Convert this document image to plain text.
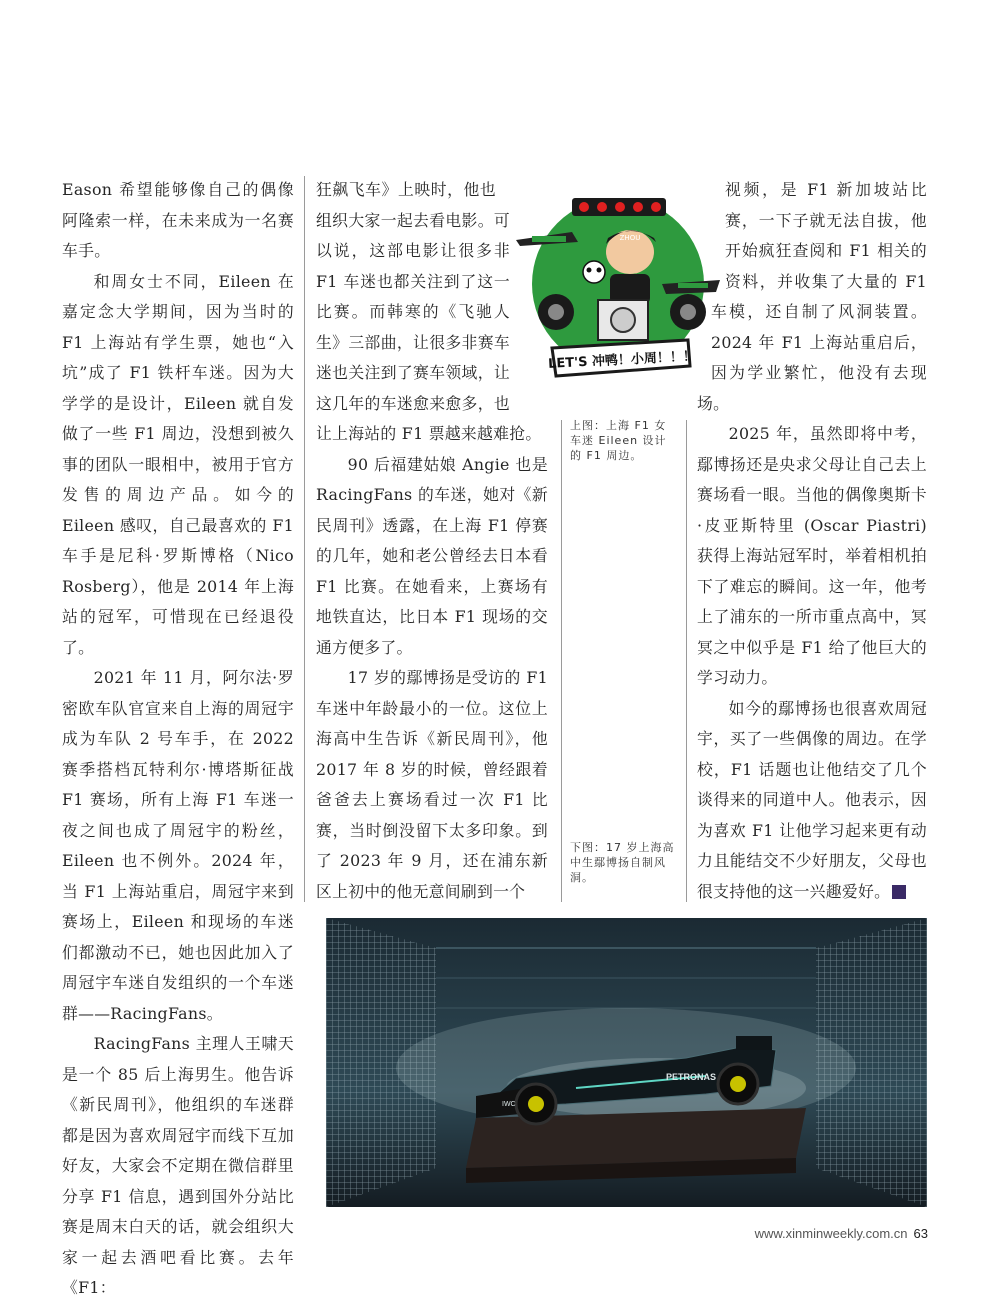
Eason 希望能够像自己的偶像阿隆索一样，在未来成为一名赛车手。

和周女士不同，Eileen 在嘉定念大学期间，因为当时的 F1 上海站有学生票，她也“入坑”成了 F1 铁杆车迷。因为大学学的是设计，Eileen 就自发做了一些 F1 周边，没想到被久事的团队一眼相中，被用于官方发售的周边产品。如今的 Eileen 感叹，自己最喜欢的 F1 车手是尼科·罗斯博格（Nico Rosberg），他是 2014 年上海站的冠军，可惜现在已经退役了。

2021 年 11 月，阿尔法·罗密欧车队官宣来自上海的周冠宇成为车队 2 号车手，在 2022 赛季搭档瓦特利尔·博塔斯征战 F1 赛场，所有上海 F1 车迷一夜之间也成了周冠宇的粉丝，Eileen 也不例外。2024 年，当 F1 上海站重启，周冠宇来到赛场上，Eileen 和现场的车迷们都激动不已，她也因此加入了周冠宇车迷自发组织的一个车迷群——RacingFans。

RacingFans 主理人王啸天是一个 85 后上海男生。他告诉《新民周刊》，他组织的车迷群都是因为喜欢周冠宇而线下互加好友，大家会不定期在微信群里分享 F1 信息，遇到国外分站比赛是周末白天的话，就会组织大家一起去酒吧看比赛。去年《F1：

狂飙飞车》上映时，他也组织大家一起去看电影。可以说，这部电影让很多非 F1 车迷也都关注到了这一比赛。而韩寒的《飞驰人生》三部曲，让很多非赛车迷也关注到了赛车领域，让这几年的车迷愈来愈多，也让上海站的 F1 票越来越难抢。

90 后福建姑娘 Angie 也是 RacingFans 的车迷，她对《新民周刊》透露，在上海 F1 停赛的几年，她和老公曾经去日本看 F1 比赛。在她看来，上赛场有地铁直达，比日本 F1 现场的交通方便多了。

17 岁的鄢博扬是受访的 F1 车迷中年龄最小的一位。这位上海高中生告诉《新民周刊》，他 2017 年 8 岁的时候，曾经跟着爸爸去上赛场看过一次 F1 比赛，当时倒没留下太多印象。到了 2023 年 9 月，还在浦东新区上初中的他无意间刷到一个

上图：上海 F1 女车迷 Eileen 设计的 F1 周边。
下图：17 岁上海高中生鄢博扬自制风洞。

视频，是 F1 新加坡站比赛，一下子就无法自拔，他开始疯狂查阅和 F1 相关的资料，并收集了大量的 F1 车模，还自制了风洞装置。2024 年 F1 上海站重启后，因为学业繁忙，他没有去现场。

2025 年，虽然即将中考，鄢博扬还是央求父母让自己去上赛场看一眼。当他的偶像奥斯卡·皮亚斯特里 (Oscar Piastri) 获得上海站冠军时，举着相机拍下了难忘的瞬间。这一年，他考上了浦东的一所市重点高中，冥冥之中似乎是 F1 给了他巨大的学习动力。

如今的鄢博扬也很喜欢周冠宇，买了一些偶像的周边。在学校，F1 话题也让他结交了几个谈得来的同道中人。他表示，因为喜欢 F1 让他学习起来更有动力且能结交不少好朋友，父母也很支持他的这一兴趣爱好。	民

ZHOU
LET'S 冲鸭！小周！！！
PETRONAS
IWC
www.xinminweekly.com.cn 63
